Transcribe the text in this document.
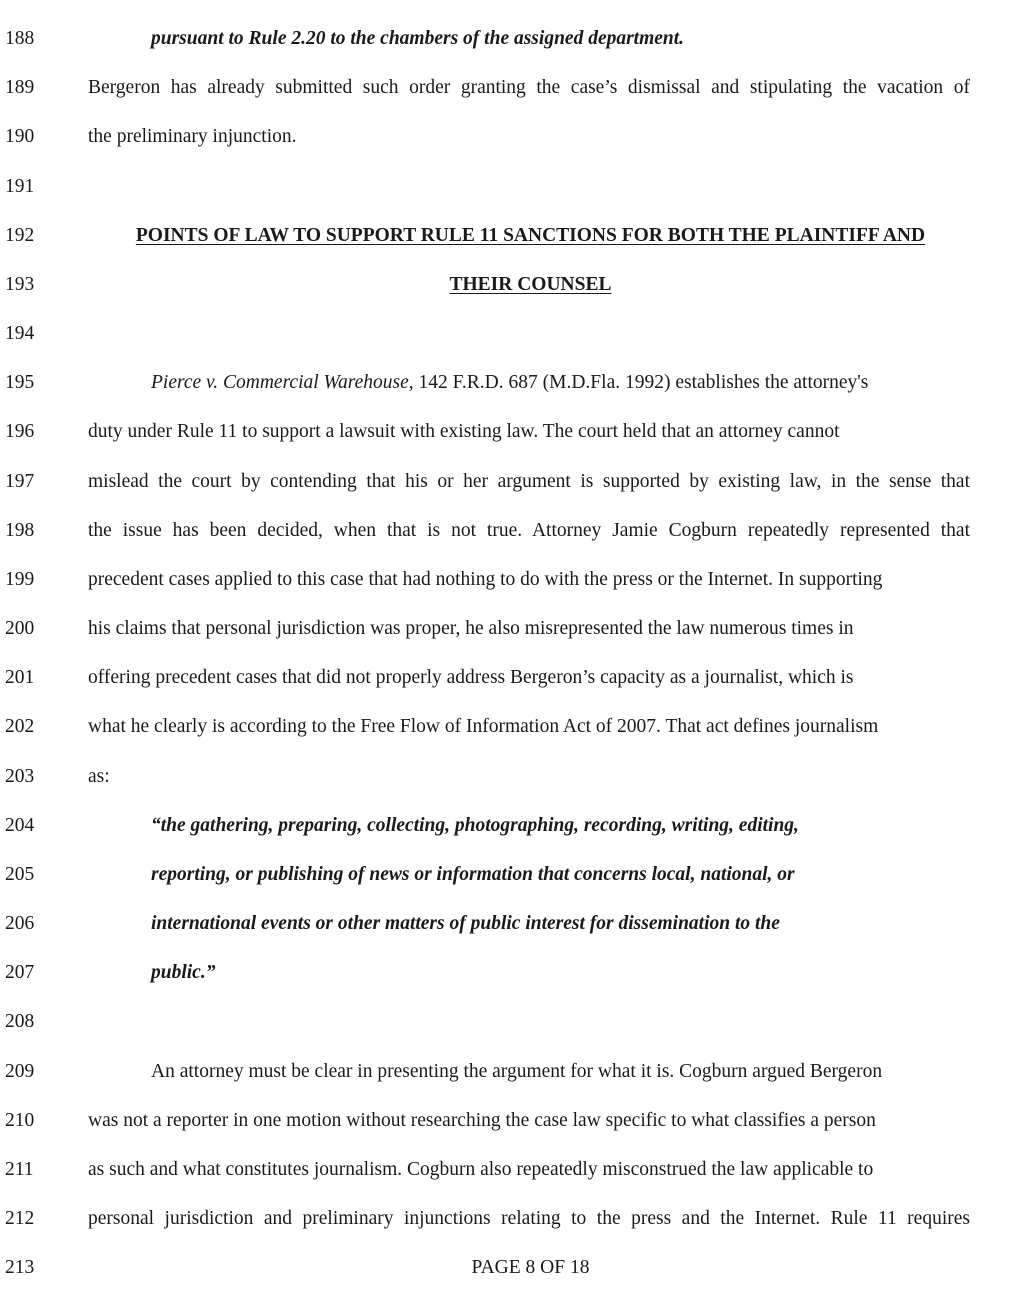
188	pursuant to Rule 2.20 to the chambers of the assigned department.
189	Bergeron has already submitted such order granting the case’s dismissal and stipulating the vacation of
190	the preliminary injunction.
191
192	POINTS OF LAW TO SUPPORT RULE 11 SANCTIONS FOR BOTH THE PLAINTIFF AND
193	THEIR COUNSEL
194
195	Pierce v. Commercial Warehouse, 142 F.R.D. 687 (M.D.Fla. 1992) establishes the attorney's
196	duty under Rule 11 to support a lawsuit with existing law. The court held that an attorney cannot
197	mislead the court by contending that his or her argument is supported by existing law, in the sense that
198	the issue has been decided, when that is not true. Attorney Jamie Cogburn repeatedly represented that
199	precedent cases applied to this case that had nothing to do with the press or the Internet. In supporting
200	his claims that personal jurisdiction was proper, he also misrepresented the law numerous times in
201	offering precedent cases that did not properly address Bergeron’s capacity as a journalist, which is
202	what he clearly is according to the Free Flow of Information Act of 2007. That act defines journalism
203	as:
204	“the gathering, preparing, collecting, photographing, recording, writing, editing,
205	reporting, or publishing of news or information that concerns local, national, or
206	international events or other matters of public interest for dissemination to the
207	public.”
208
209	An attorney must be clear in presenting the argument for what it is. Cogburn argued Bergeron
210	was not a reporter in one motion without researching the case law specific to what classifies a person
211	as such and what constitutes journalism. Cogburn also repeatedly misconstrued the law applicable to
212	personal jurisdiction and preliminary injunctions relating to the press and the Internet. Rule 11 requires
213	PAGE 8 OF 18
